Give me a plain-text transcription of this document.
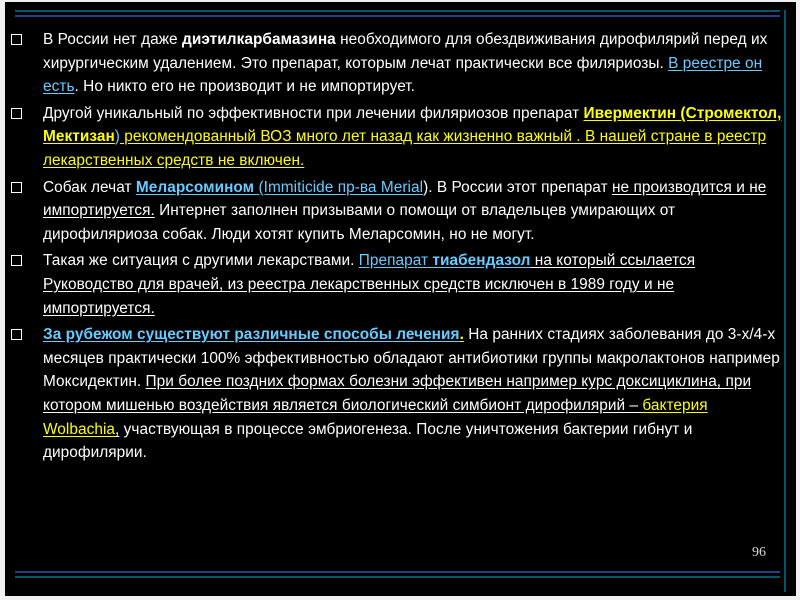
В России нет даже диэтилкарбамазина необходимого для обездвиживания дирофилярий перед их хирургическим удалением. Это препарат, которым лечат практически все филяриозы. В реестре он есть. Но никто его не производит и не импортирует.
Другой уникальный по эффективности при лечении филяриозов препарат Ивермектин (Стромектол, Мектизан) рекомендованный ВОЗ много лет назад как жизненно важный . В нашей стране в реестр лекарственных средств не включен.
Собак лечат Меларсомином (Immiticide пр-ва Merial). В России этот препарат не производится и не импортируется. Интернет заполнен призывами о помощи от владельцев умирающих от дирофиляриоза собак. Люди хотят купить Меларсомин, но не могут.
Такая же ситуация с другими лекарствами. Препарат тиабендазол на который ссылается Руководство для врачей, из реестра лекарственных средств исключен в 1989 году и не импортируется.
За рубежом существуют различные способы лечения. На ранних стадиях заболевания до 3-х/4-х месяцев практически 100% эффективностью обладают антибиотики группы макролактонов например Моксидектин. При более поздних формах болезни эффективен например курс доксициклина, при котором мишенью воздействия является биологический симбионт дирофилярий – бактерия Wolbachia, участвующая в процессе эмбриогенеза. После уничтожения бактерии гибнут и дирофилярии.
96
